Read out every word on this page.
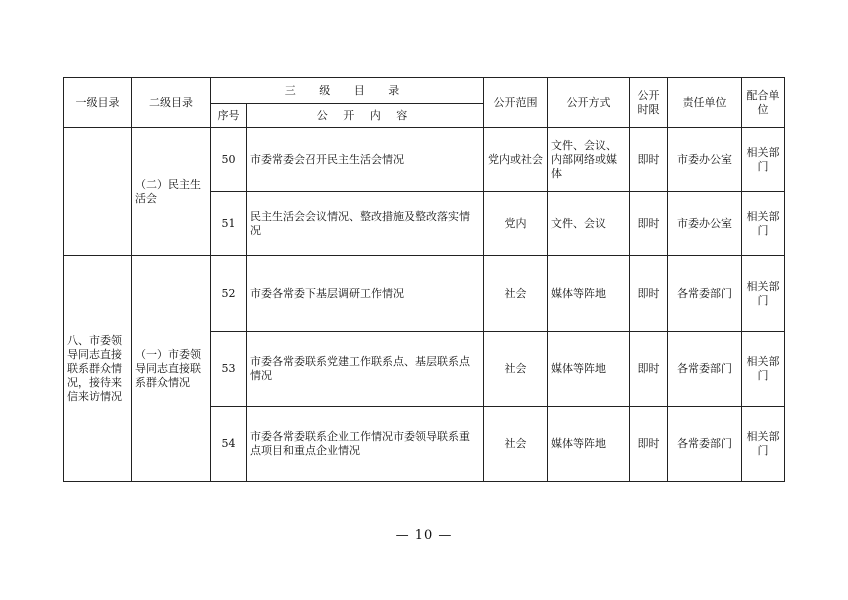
一级目录	二级目录	三 级 目 录		公开范围	公开方式	公开时限	责任单位	配合单位
		序号	公 开 内 容					
	（二）民主生活会	50	市委常委会召开民主生活会情况	党内或社会	文件、会议、内部网络或媒体	即时	市委办公室	相关部门
		51	民主生活会会议情况、整改措施及整改落实情况	党内	文件、会议	即时	市委办公室	相关部门
八、市委领导同志直接联系群众情况，接待来信来访情况	（一）市委领导同志直接联系群众情况	52	市委各常委下基层调研工作情况	社会	媒体等阵地	即时	各常委部门	相关部门
		53	市委各常委联系党建工作联系点、基层联系点情况	社会	媒体等阵地	即时	各常委部门	相关部门
		54	市委各常委联系企业工作情况市委领导联系重点项目和重点企业情况	社会	媒体等阵地	即时	各常委部门	相关部门
— 10 —
